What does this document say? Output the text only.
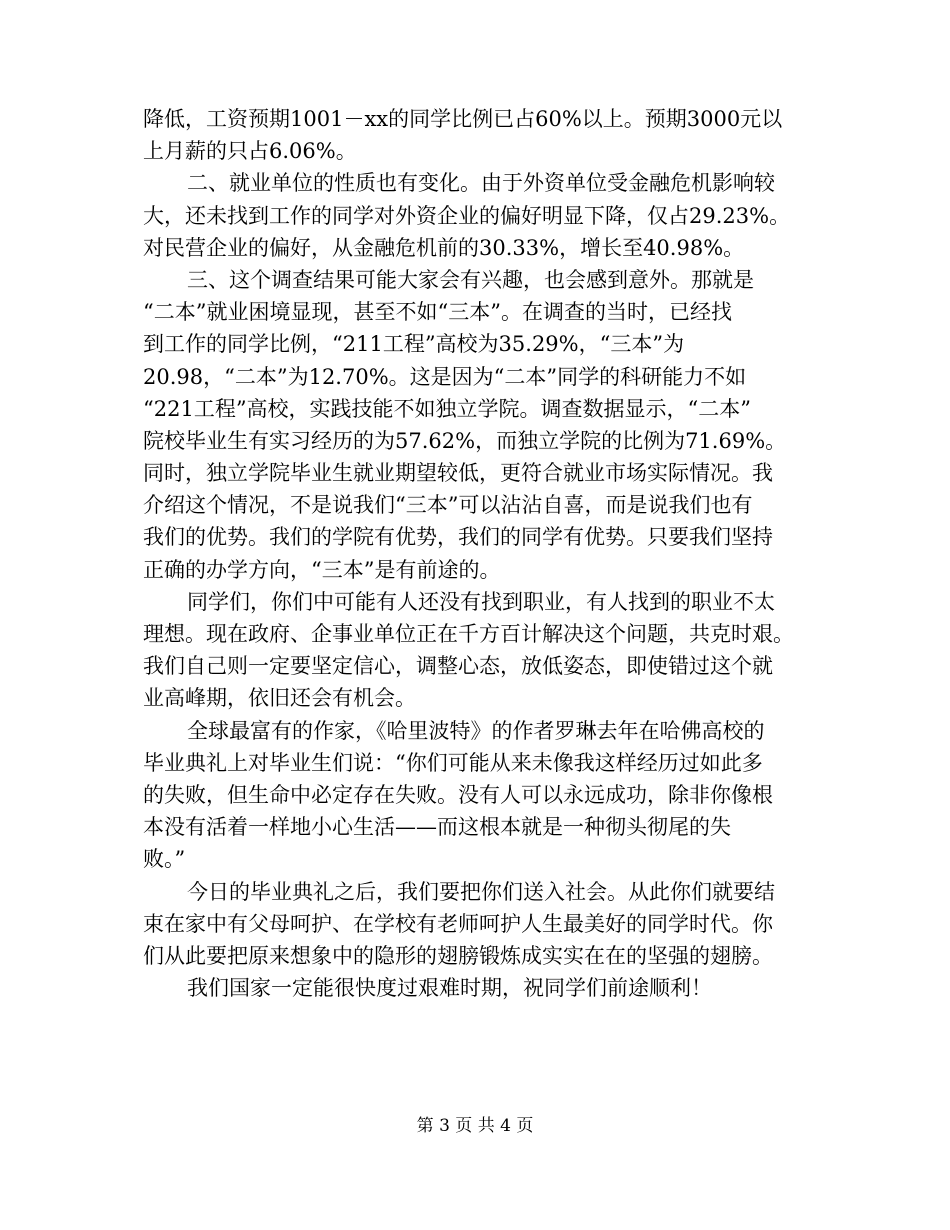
降低，工资预期1001－xx的同学比例已占60%以上。预期3000元以
上月薪的只占6.06%。
二、就业单位的性质也有变化。由于外资单位受金融危机影响较
大，还未找到工作的同学对外资企业的偏好明显下降，仅占29.23%。
对民营企业的偏好，从金融危机前的30.33%，增长至40.98%。
三、这个调查结果可能大家会有兴趣，也会感到意外。那就是
“二本”就业困境显现，甚至不如“三本”。在调查的当时，已经找
到工作的同学比例，“211工程”高校为35.29%，“三本”为
20.98，“二本”为12.70%。这是因为“二本”同学的科研能力不如
“221工程”高校，实践技能不如独立学院。调查数据显示，“二本”
院校毕业生有实习经历的为57.62%，而独立学院的比例为71.69%。
同时，独立学院毕业生就业期望较低，更符合就业市场实际情况。我
介绍这个情况，不是说我们“三本”可以沾沾自喜，而是说我们也有
我们的优势。我们的学院有优势，我们的同学有优势。只要我们坚持
正确的办学方向，“三本”是有前途的。
同学们，你们中可能有人还没有找到职业，有人找到的职业不太
理想。现在政府、企事业单位正在千方百计解决这个问题，共克时艰。
我们自己则一定要坚定信心，调整心态，放低姿态，即使错过这个就
业高峰期，依旧还会有机会。
全球最富有的作家，《哈里波特》的作者罗琳去年在哈佛高校的
毕业典礼上对毕业生们说：“你们可能从来未像我这样经历过如此多
的失败，但生命中必定存在失败。没有人可以永远成功，除非你像根
本没有活着一样地小心生活——而这根本就是一种彻头彻尾的失
败。”
今日的毕业典礼之后，我们要把你们送入社会。从此你们就要结
束在家中有父母呵护、在学校有老师呵护人生最美好的同学时代。你
们从此要把原来想象中的隐形的翅膀锻炼成实实在在的坚强的翅膀。
我们国家一定能很快度过艰难时期，祝同学们前途顺利！
第 3 页 共 4 页
